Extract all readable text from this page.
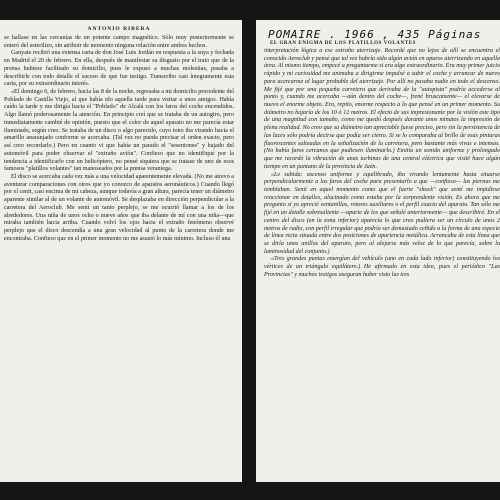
ANTONIO RIBERA

se hallase en las cercanías de un potente campo magnético. Sólo muy posteriormente se enteró del esterilizo, sin atribuir de momento ninguna relación entre ambos hechos.

Ganyate recibió una extensa carta de don José Luis Jordán en respuesta a la suya y fechada en Madrid el 20 de febrero. En ella, después de manifestar su disgusto por el trato que de la prensa hubiese facilitado su domicilio, pues le expuso a muchas molestias, pasaba a describirle con todo detalle el suceso de que fue testigo. Transcribo casi íntegramente esta carta, por su extraordinario interés.

«El domingo 6, de febrero, hacia las 8 de la noche, regresaba a mi domicilio procedente del Poblado de Castilla Viejo, al que había ido aquella tarde para visitar a unos amigos. Había caído la tarde y me dirigía hacia el "Poblado" de Alcalá con los faros del coche encendidos. Algo llamó poderosamente la atención. En principio creí que se trataba de un autogiro, pero inmediatamente cambié de opinión, puesto que el color de aquel aparato no me parecía estar iluminado, según creo. Se trataba de un disco o algo parecido, cuyo tono iba virando hacia el amarillo anaranjado conforme se acercaba. (Tal vez no pueda precisar el orden exacto, pero así creo recordarlo.) Pero en cuanto vi que había un parado el "sesentones" y bajado del automóvil para poder observar el "extraño avión". Confieso que no identifiqué por la tendencia a identificarlo con un helicóptero, no pensé siquiera que se tratase de uno de esos famosos "platillos volantes" tan manoseados por la prensa veraniega.

El disco se acercaba cada vez más a una velocidad aparentemente elevada. (No me atrevo a aventurar comparaciones con otros que yo conozco de aparatos aeronáuticos.) Cuando llegó por el cenit, casi encima de mi cabeza, aunque todavía a gran altura, parecía tener un diámetro aparente similar al de un volante de automóvil. Se desplazaba en dirección perpendicular a la carretera del Aeroclub. Me sentí un tanto perplejo, se me ocurrió llamar a los de los alrededores. Una niña de unos ocho o nueve años que iba delante de mí con una niña—que miraba también hacia arriba. Cuando volví los ojos hacia el extraño fenómeno observé perplejo que el disco descendía a una gran velocidad al punto de la carretera donde me encontraba. Confieso que en el primer momento no me asustó lo más mínimo. Incluso él una

POMAIRE . 1966 , 435 Páginas
EL GRAN ENIGMA DE LOS PLATILLOS VOLANTES

interpretación lógica a ese extraño aterrizaje. Recordé que no lejos de allí se encuentra el conocido Aeroclub y pensé que tal vez habría sido algún avión en apuros aterrizando en aquella área. Al mismo tiempo, empecé a preguntarme si era algo extraordinario. Era muy primer juicio rápido y mi curiosidad me animaba a dirigirme impulsé a subir el coche y arrancar de nuevo para acercarme al lugar probable del aterrizaje. Por allí no pasaba nadie en todo el descenso. Me fijé que por una pequeña carretera que derivaba de la "autopista" podría accederse al punto y, cuando me acercaba —aún dentro del coche—, frené bruscamente— el elevarse de nuevo el enorme objeto. Era, repito, enorme respecto a lo que pensé en un primer momento. Su diámetro no bajaría de los 10 ó 12 metros. El efecto de sus impresionante por la visión este tipo de una magnitud con tamaño, como me quedó después durante unos minutos la impresión de plena realidad. No creo que su diámetro tan apreciable fuese preciso, pero sin la persistencia de las luces sólo podría decirse que podía ser cierto. Si se lo comparaba al brillo de esas pintaras fluorescentes salteadas en la señalización de la carretera, pero bastante más vivas e intensas. (No había faros cercanos que pudiesen iluminarlo.) Emitía un sonido uniforme y prolongado que me recordó la vibración de unas turbinas de una central eléctrica que visité hace algún tiempo en un pantano de la provincia de Jaén.

«Le subida: ascenso uniforme y equilibrado, iba virando lentamente hasta situarse perpendicularmente a los faros del coche para presentarlo a que —confieso— las piernas me temblaban. Sentí en aquel momento como que el fuerte "shock" que sentí me impidiese reaccionar en detalles, alucinado como estaba por la sorprendente visión. Es ahora que me pregunto si yo aprecié ventanillas, rotores auxiliares o el perfil exacto del aparato. Tan sólo me fijé en un detalle sobresaliente —aparte de los que señalé anteriormente— que describiré. En el centro del disco (en la zona inferior) aparecía lo que creo pudiera ser un círculo de unos 2 metros de radio, con perfil irregular que podría ser demasiado ceñido a la forma de una especie de línea recta situada entre dos posiciones de apariencia metálica. Arrancaba de esta línea que se diría unos anillos del aparato, pero al alejarse más veloz de lo que parecía, sobre la luminosidad del conjunto.)

«Tres grandes puntas emergían del vehículo (uno en cada lado inferior) constituyendo los vértices de un triángulo equilátero.) He afirmado en esta idea, pues el periódico "Las Provincias" y muchos testigos aseguran haber visto las tres
